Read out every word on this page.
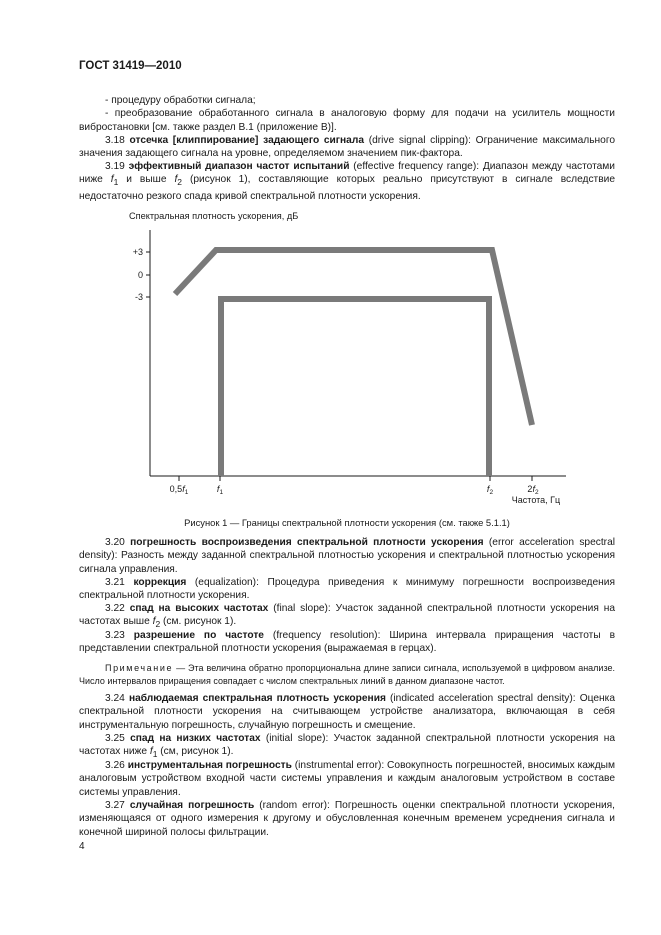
ГОСТ 31419—2010
- процедуру обработки сигнала;
- преобразование обработанного сигнала в аналоговую форму для подачи на усилитель мощности вибростановки [см. также раздел В.1 (приложение В)].
3.18 отсечка [клиппирование] задающего сигнала (drive signal clipping): Ограничение максимального значения задающего сигнала на уровне, определяемом значением пик-фактора.
3.19 эффективный диапазон частот испытаний (effective frequency range): Диапазон между частотами ниже $f_1$ и выше $f_2$ (рисунок 1), составляющие которых реально присутствуют в сигнале вследствие недостаточно резкого спада кривой спектральной плотности ускорения.
Спектральная плотность ускорения, дБ
+3
0
-3
$0,5f_1$	$f_1$	$f_2$	$2f_2$
Частота, Гц
Рисунок 1 — Границы спектральной плотности ускорения (см. также 5.1.1)
3.20 погрешность воспроизведения спектральной плотности ускорения (error acceleration spectral density): Разность между заданной спектральной плотностью ускорения и спектральной плотностью ускорения сигнала управления.
3.21 коррекция (equalization): Процедура приведения к минимуму погрешности воспроизведения спектральной плотности ускорения.
3.22 спад на высоких частотах (final slope): Участок заданной спектральной плотности ускорения на частотах выше $f_2$ (см. рисунок 1).
3.23 разрешение по частоте (frequency resolution): Ширина интервала приращения частоты в представлении спектральной плотности ускорения (выражаемая в герцах).
Примечание — Эта величина обратно пропорциональна длине записи сигнала, используемой в цифровом анализе. Число интервалов приращения совпадает с числом спектральных линий в данном диапазоне частот.
3.24 наблюдаемая спектральная плотность ускорения (indicated acceleration spectral density): Оценка спектральной плотности ускорения на считывающем устройстве анализатора, включающая в себя инструментальную погрешность, случайную погрешность и смещение.
3.25 спад на низких частотах (initial slope): Участок заданной спектральной плотности ускорения на частотах ниже $f_1$ (см, рисунок 1).
3.26 инструментальная погрешность (instrumental error): Совокупность погрешностей, вносимых каждым аналоговым устройством входной части системы управления и каждым аналоговым устройством в составе системы управления.
3.27 случайная погрешность (random error): Погрешность оценки спектральной плотности ускорения, изменяющаяся от одного измерения к другому и обусловленная конечным временем усреднения сигнала и конечной шириной полосы фильтрации.
4
